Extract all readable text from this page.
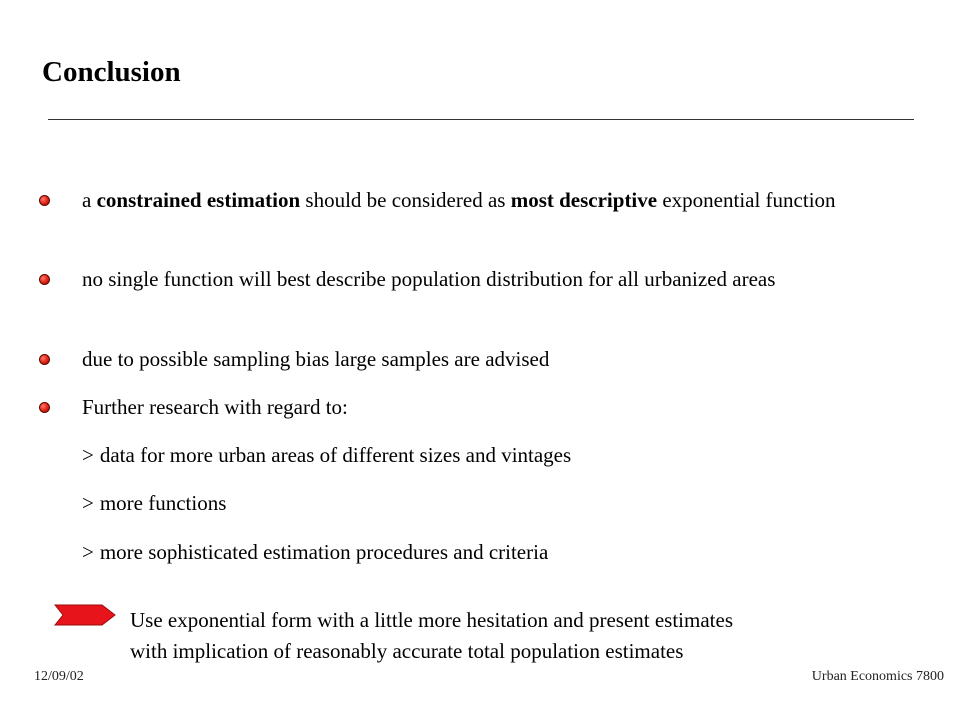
Conclusion
a constrained estimation should be considered as most descriptive exponential function
no single function will best describe population distribution for all urbanized areas
due to possible sampling bias large samples are advised
Further research with regard to:
> data for more urban areas of different sizes and vintages
> more functions
> more sophisticated estimation procedures and criteria
Use exponential form with a little more hesitation and present estimates
with implication of reasonably accurate total population estimates
12/09/02	Urban Economics 7800
